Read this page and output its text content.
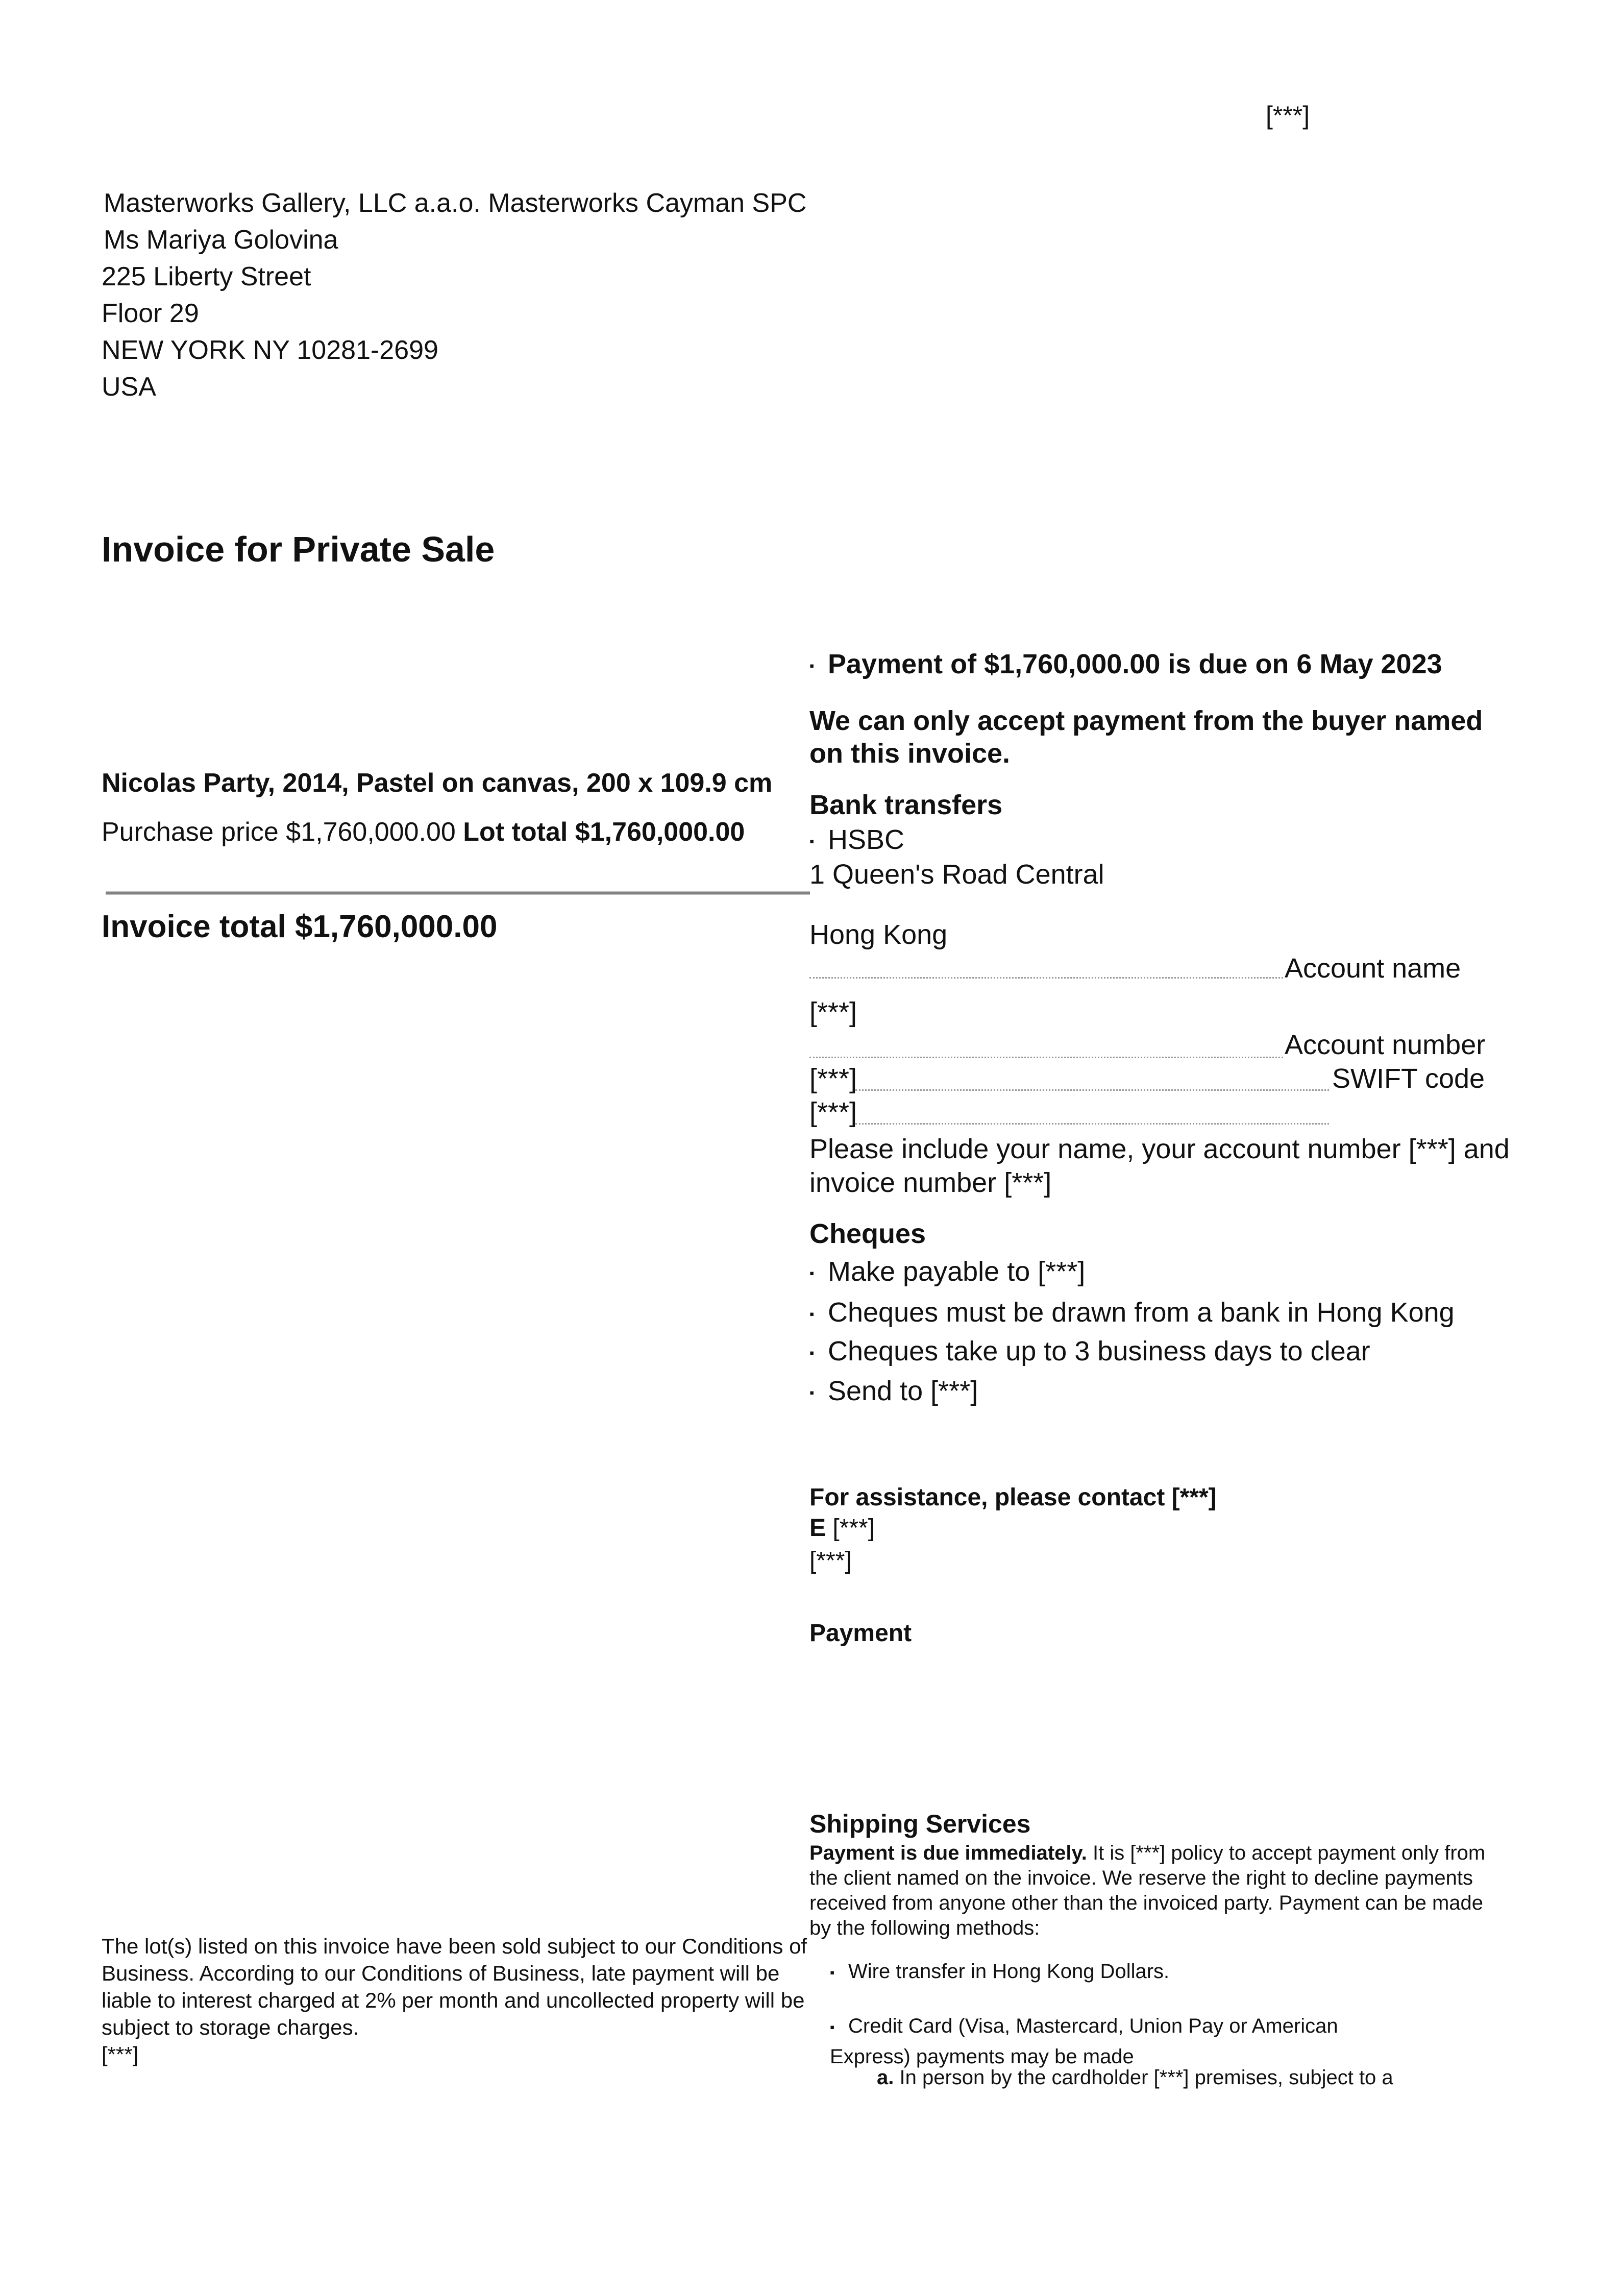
[***]
Masterworks Gallery, LLC a.a.o. Masterworks Cayman SPC
Ms Mariya Golovina
225 Liberty Street
Floor 29
NEW YORK NY 10281-2699
USA
Invoice for Private Sale
Nicolas Party, 2014, Pastel on canvas, 200 x 109.9 cm
Purchase price $1,760,000.00 Lot total $1,760,000.00
Invoice total $1,760,000.00
The lot(s) listed on this invoice have been sold subject to our Conditions of Business. According to our Conditions of Business, late payment will be liable to interest charged at 2% per month and uncollected property will be subject to storage charges.
[***]
▪ Payment of $1,760,000.00 is due on 6 May 2023
We can only accept payment from the buyer named on this invoice.
Bank transfers
▪ HSBC
1 Queen's Road Central
Hong Kong
Account name
[***]
Account number
[***]	SWIFT code
[***]
Please include your name, your account number [***] and invoice number [***]
Cheques
▪ Make payable to [***]
▪ Cheques must be drawn from a bank in Hong Kong
▪ Cheques take up to 3 business days to clear
▪ Send to [***]
For assistance, please contact [***]
E [***]
[***]
Payment
Shipping Services
Payment is due immediately. It is [***] policy to accept payment only from the client named on the invoice. We reserve the right to decline payments received from anyone other than the invoiced party. Payment can be made by the following methods:
▪ Wire transfer in Hong Kong Dollars.
▪ Credit Card (Visa, Mastercard, Union Pay or American Express) payments may be made
a. In person by the cardholder [***] premises, subject to a
